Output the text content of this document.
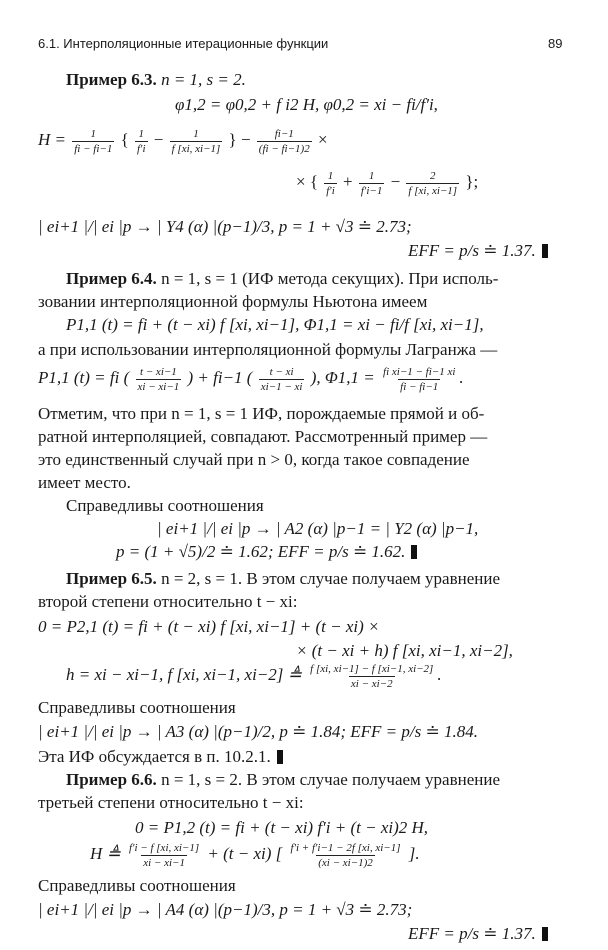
6.1. Интерполяционные итерационные функции	89
Пример 6.3. n = 1, s = 2.
φ1,2 = φ0,2 + f i2 H, φ0,2 = xi − fi/f′i,
$H = \frac{1}{fi - fi-1}$ { $\frac{1}{f'i} - \frac{1}{f [xi, xi-1]}$ } − $\frac{fi-1}{(fi - fi-1)2}$ ×
× { $\frac{1}{f'i} + \frac{1}{f'i-1} - \frac{2}{f [xi, xi-1]}$ };
| ei+1 |/| ei |p → | Y4 (α) |(p−1)/3, p = 1 + √3 ≐ 2.73;
EFF = p/s ≐ 1.37.
Пример 6.4. n = 1, s = 1 (ИФ метода секущих). При исполь-
зовании интерполяционной формулы Ньютона имеем
P1,1 (t) = fi + (t − xi) f [xi, xi−1], Φ1,1 = xi − fi/f [xi, xi−1],
а при использовании интерполяционной формулы Лагранжа —
P1,1 (t) = fi ( $\frac{t - xi-1}{xi - xi-1}$ ) + fi−1 ( $\frac{t - xi}{xi-1 - xi}$ ), $\Phi 1,1 = \frac{\text{fi xi−1 − fi−1 xi}}{fi - fi-1}$ .
Отметим, что при n = 1, s = 1 ИФ, порождаемые прямой и об-
ратной интерполяцией, совпадают. Рассмотренный пример —
это единственный случай при n > 0, когда такое совпадение
имеет место.
Справедливы соотношения
| ei+1 |/| ei |p → | A2 (α) |p−1 = | Y2 (α) |p−1,
p = (1 + √5)/2 ≐ 1.62; EFF = p/s ≐ 1.62.
Пример 6.5. n = 2, s = 1. В этом случае получаем уравнение
второй степени относительно t − xi:
0 = P2,1 (t) = fi + (t − xi) f [xi, xi−1] + (t − xi) ×
× (t − xi + h) f [xi, xi−1, xi−2],
h = xi − xi−1, f [xi, xi−1, xi−2] ≜ $\frac{f [xi, xi-1] - f [xi-1, xi-2]}{xi - xi-2}$ .
Справедливы соотношения
| ei+1 |/| ei |p → | A3 (α) |(p−1)/2, p ≐ 1.84; EFF = p/s ≐ 1.84.
Эта ИФ обсуждается в п. 10.2.1.
Пример 6.6. n = 1, s = 2. В этом случае получаем уравнение
третьей степени относительно t − xi:
0 = P1,2 (t) = fi + (t − xi) f′i + (t − xi)2 H,
H ≜ $\frac{f'i - f [xi, xi-1]}{xi - xi-1} + (t - xi)$ [ $\frac{f'i + f'i-1 - 2f [xi, xi-1]}{(xi - xi-1)2}$ ].
Справедливы соотношения
| ei+1 |/| ei |p → | A4 (α) |(p−1)/3, p = 1 + √3 ≐ 2.73;
EFF = p/s ≐ 1.37.
